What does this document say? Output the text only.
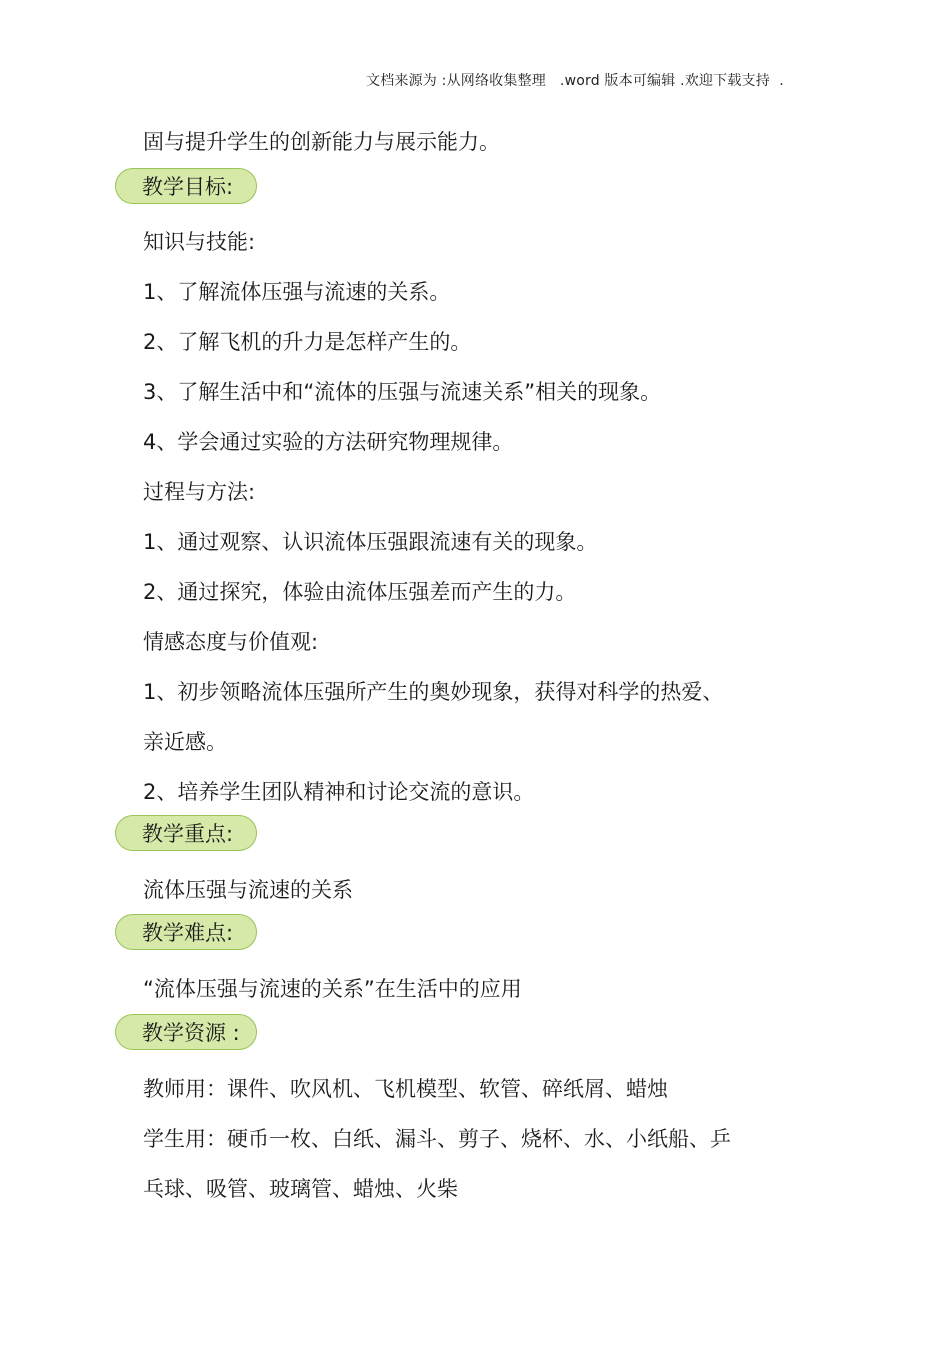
文档来源为 :从网络收集整理   .word 版本可编辑 .欢迎下载支持  .
固与提升学生的创新能力与展示能力。
教学目标:
知识与技能:
1、了解流体压强与流速的关系。
2、了解飞机的升力是怎样产生的。
3、了解生活中和“流体的压强与流速关系”相关的现象。
4、学会通过实验的方法研究物理规律。
过程与方法:
1、通过观察、认识流体压强跟流速有关的现象。
2、通过探究，体验由流体压强差而产生的力。
情感态度与价值观:
1、初步领略流体压强所产生的奥妙现象，获得对科学的热爱、
亲近感。
2、培养学生团队精神和讨论交流的意识。
教学重点:
流体压强与流速的关系
教学难点:
“流体压强与流速的关系”在生活中的应用
教学资源 :
教师用：课件、吹风机、飞机模型、软管、碎纸屑、蜡烛
学生用：硬币一枚、白纸、漏斗、剪子、烧杯、水、小纸船、乒
乓球、吸管、玻璃管、蜡烛、火柴
